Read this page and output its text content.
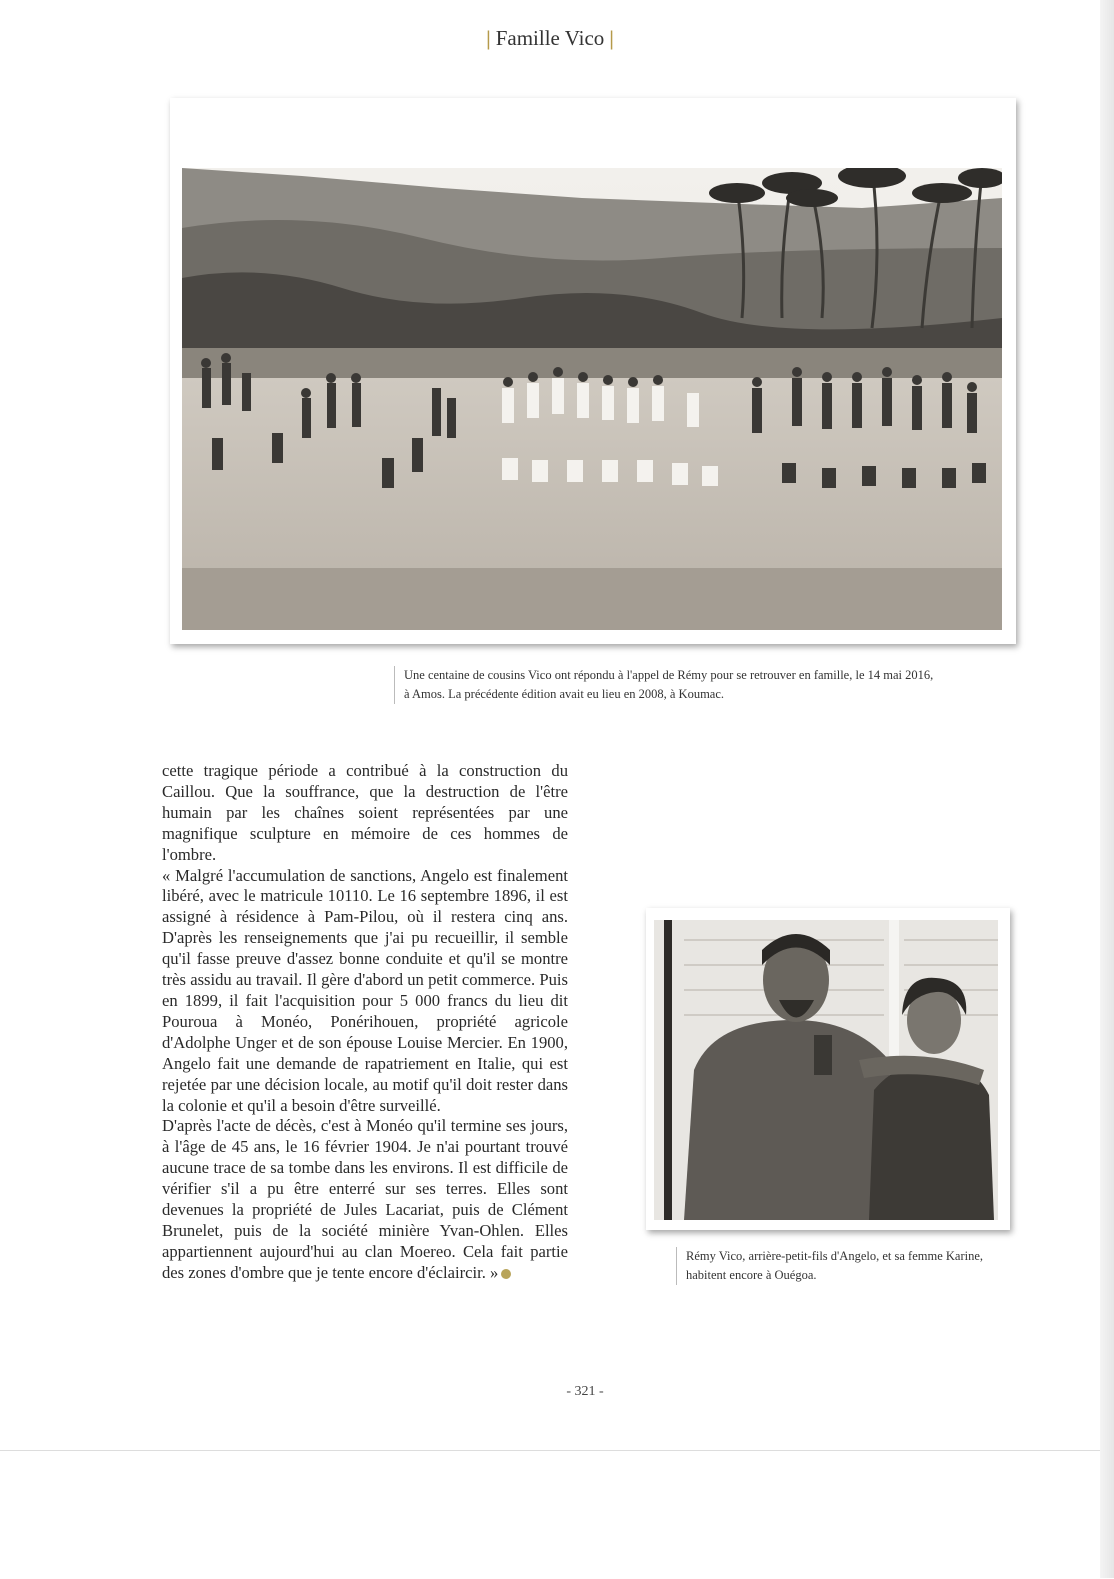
| Famille Vico |
Une centaine de cousins Vico ont répondu à l'appel de Rémy pour se retrouver en famille, le 14 mai 2016,
à Amos. La précédente édition avait eu lieu en 2008, à Koumac.

cette tragique période a contribué à la construction du Caillou. Que la souffrance, que la destruction de l'être humain par les chaînes soient représentées par une magnifique sculpture en mémoire de ces hommes de l'ombre.

« Malgré l'accumulation de sanctions, Angelo est finalement libéré, avec le matricule 10110. Le 16 septembre 1896, il est assigné à résidence à Pam-Pilou, où il restera cinq ans. D'après les renseignements que j'ai pu recueillir, il semble qu'il fasse preuve d'assez bonne conduite et qu'il se montre très assidu au travail. Il gère d'abord un petit commerce. Puis en 1899, il fait l'acquisition pour 5 000 francs du lieu dit Pouroua à Monéo, Ponérihouen, propriété agricole d'Adolphe Unger et de son épouse Louise Mercier. En 1900, Angelo fait une demande de rapatriement en Italie, qui est rejetée par une décision locale, au motif qu'il doit rester dans la colonie et qu'il a besoin d'être surveillé.

D'après l'acte de décès, c'est à Monéo qu'il termine ses jours, à l'âge de 45 ans, le 16 février 1904. Je n'ai pourtant trouvé aucune trace de sa tombe dans les environs. Il est difficile de vérifier s'il a pu être enterré sur ses terres. Elles sont devenues la propriété de Jules Lacariat, puis de Clément Brunelet, puis de la société minière Yvan-Ohlen. Elles appartiennent aujourd'hui au clan Moereo. Cela fait partie des zones d'ombre que je tente encore d'éclaircir. »

Rémy Vico, arrière-petit-fils d'Angelo, et sa femme Karine,
habitent encore à Ouégoa.
- 321 -
